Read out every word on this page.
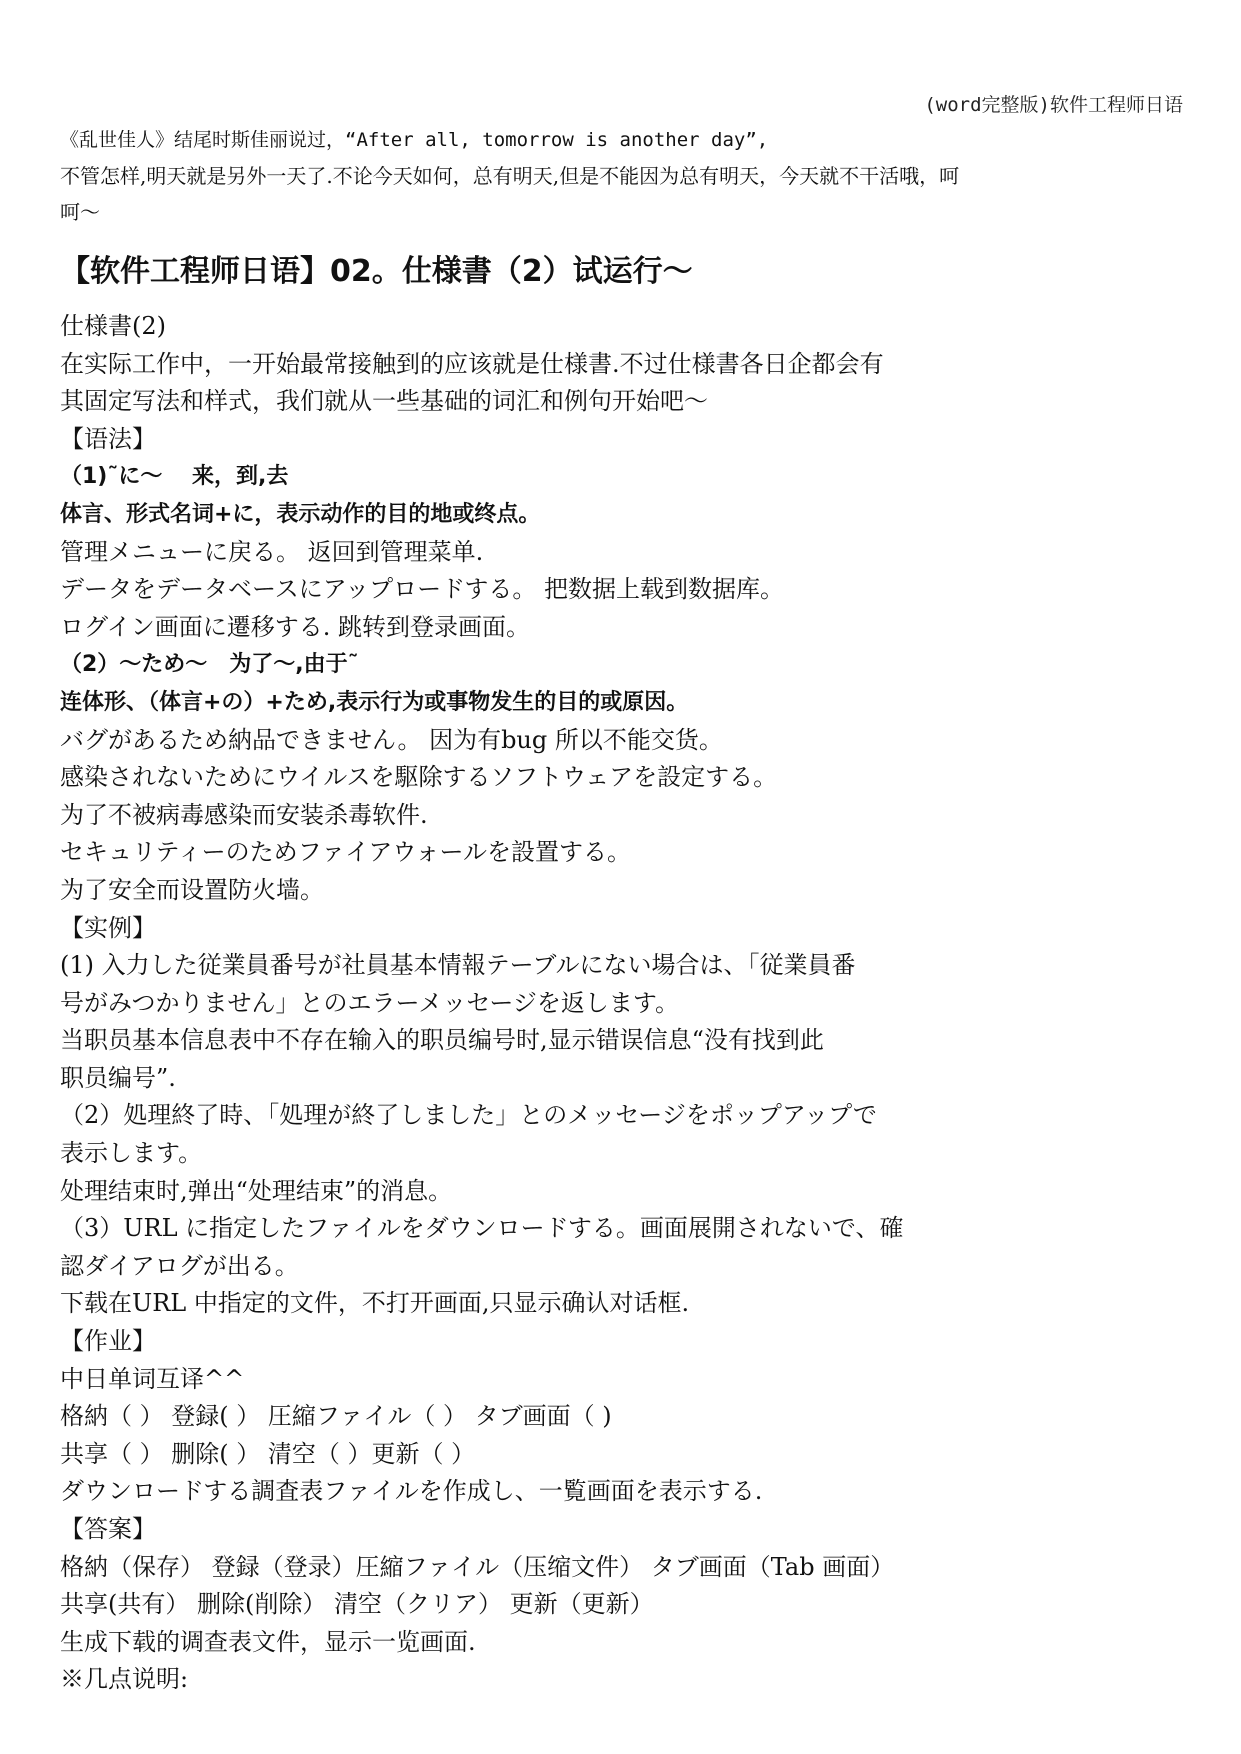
(word完整版)软件工程师日语
《乱世佳人》结尾时斯佳丽说过，“After all, tomorrow is another day”,
不管怎样,明天就是另外一天了.不论今天如何，总有明天,但是不能因为总有明天，今天就不干活哦，呵
呵～
【软件工程师日语】02。仕様書（2）试运行～
仕様書(2)
在实际工作中，一开始最常接触到的应该就是仕様書.不过仕様書各日企都会有
其固定写法和样式，我们就从一些基础的词汇和例句开始吧～
【语法】
（1)˜に～　 来，到,去
体言、形式名词+に，表示动作的目的地或终点。
管理メニューに戻る。 返回到管理菜单.
データをデータベースにアップロードする。 把数据上载到数据库。
ログイン画面に遷移する. 跳转到登录画面。
（2）～ため～　为了～,由于˜
连体形、（体言+の）+ため,表示行为或事物发生的目的或原因。
バグがあるため納品できません。 因为有bug 所以不能交货。
感染されないためにウイルスを駆除するソフトウェアを設定する。
为了不被病毒感染而安装杀毒软件.
セキュリティーのためファイアウォールを設置する。
为了安全而设置防火墙。
【实例】
(1) 入力した従業員番号が社員基本情報テーブルにない場合は、「従業員番
号がみつかりません」とのエラーメッセージを返します。
当职员基本信息表中不存在输入的职员编号时,显示错误信息“没有找到此
职员编号”.
（2）処理終了時、「処理が終了しました」とのメッセージをポップアップで
表示します。
处理结束时,弹出“处理结束”的消息。
（3）URL に指定したファイルをダウンロードする。画面展開されないで、確
認ダイアログが出る。
下载在URL 中指定的文件，不打开画面,只显示确认对话框.
【作业】
中日单词互译^^
格納（ ） 登録( ） 圧縮ファイル（ ） タブ画面（ )
共享（ ） 删除( ） 清空（ ）更新（ ）
ダウンロードする調査表ファイルを作成し、一覧画面を表示する.
【答案】
格納（保存） 登録（登录）圧縮ファイル（压缩文件） タブ画面（Tab 画面）
共享(共有） 删除(削除） 清空（クリア） 更新（更新）
生成下载的调查表文件，显示一览画面.
※几点说明:
